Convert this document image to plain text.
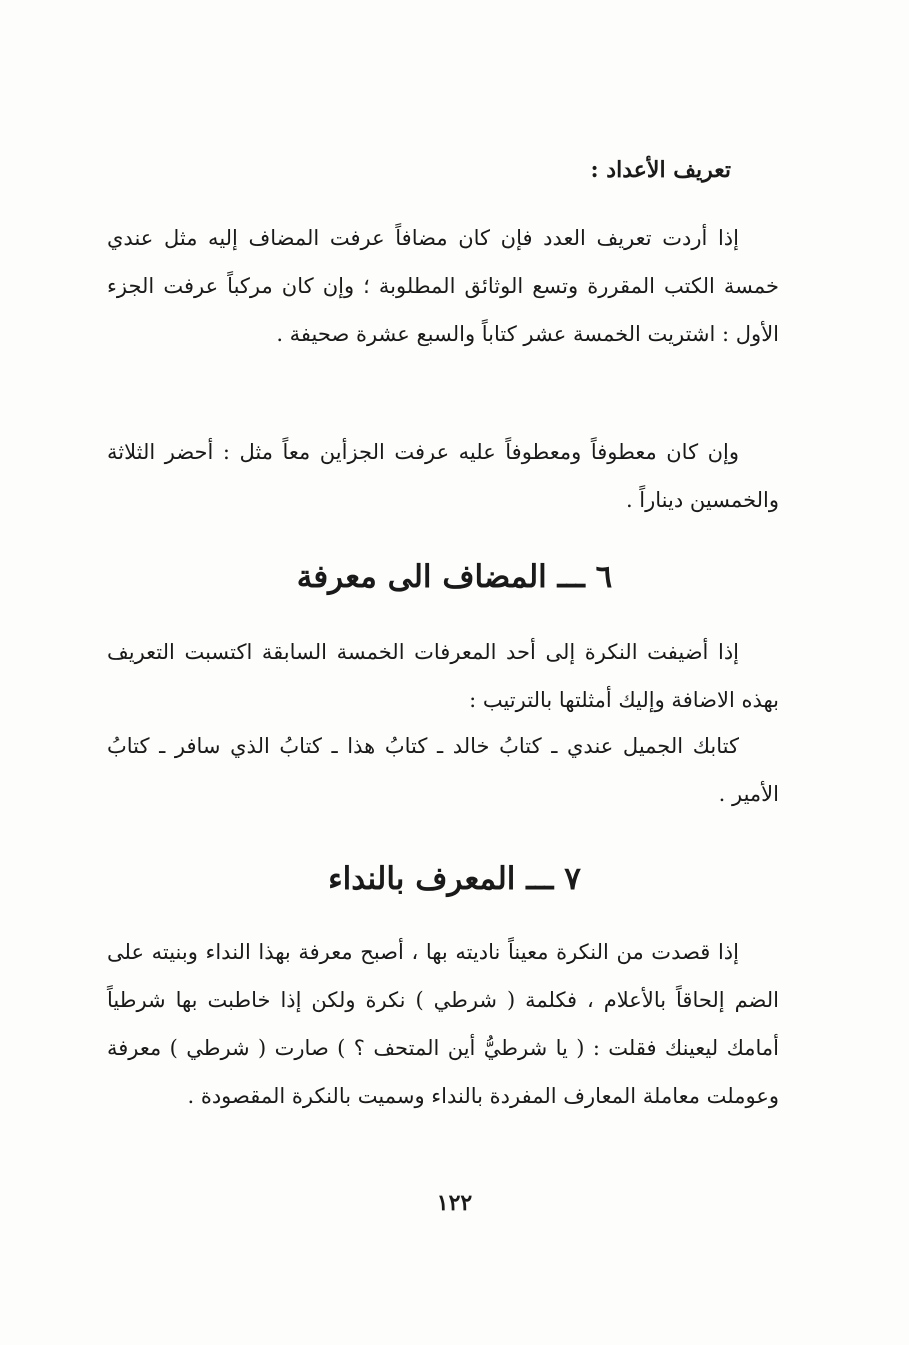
تعريف الأعداد :

إذا أردت تعريف العدد فإن كان مضافاً عرفت المضاف إليه مثل عندي خمسة الكتب المقررة وتسع الوثائق المطلوبة ؛ وإن كان مركباً عرفت الجزء الأول : اشتريت الخمسة عشر كتاباً والسبع عشرة صحيفة .

وإن كان معطوفاً ومعطوفاً عليه عرفت الجزأين معاً مثل : أحضر الثلاثة والخمسين ديناراً .

٦ ـــ المضاف الى معرفة

إذا أضيفت النكرة إلى أحد المعرفات الخمسة السابقة اكتسبت التعريف بهذه الاضافة وإليك أمثلتها بالترتيب :

كتابك الجميل عندي ـ كتابُ خالد ـ كتابُ هذا ـ كتابُ الذي سافر ـ كتابُ الأمير .

٧ ـــ المعرف بالنداء

إذا قصدت من النكرة معيناً ناديته بها ، أصبح معرفة بهذا النداء وبنيته على الضم إلحاقاً بالأعلام ، فكلمة ( شرطي ) نكرة ولكن إذا خاطبت بها شرطياً أمامك ليعينك فقلت : ( يا شرطيُّ أين المتحف ؟ ) صارت ( شرطي ) معرفة وعوملت معاملة المعارف المفردة بالنداء وسميت بالنكرة المقصودة .

١٢٢
